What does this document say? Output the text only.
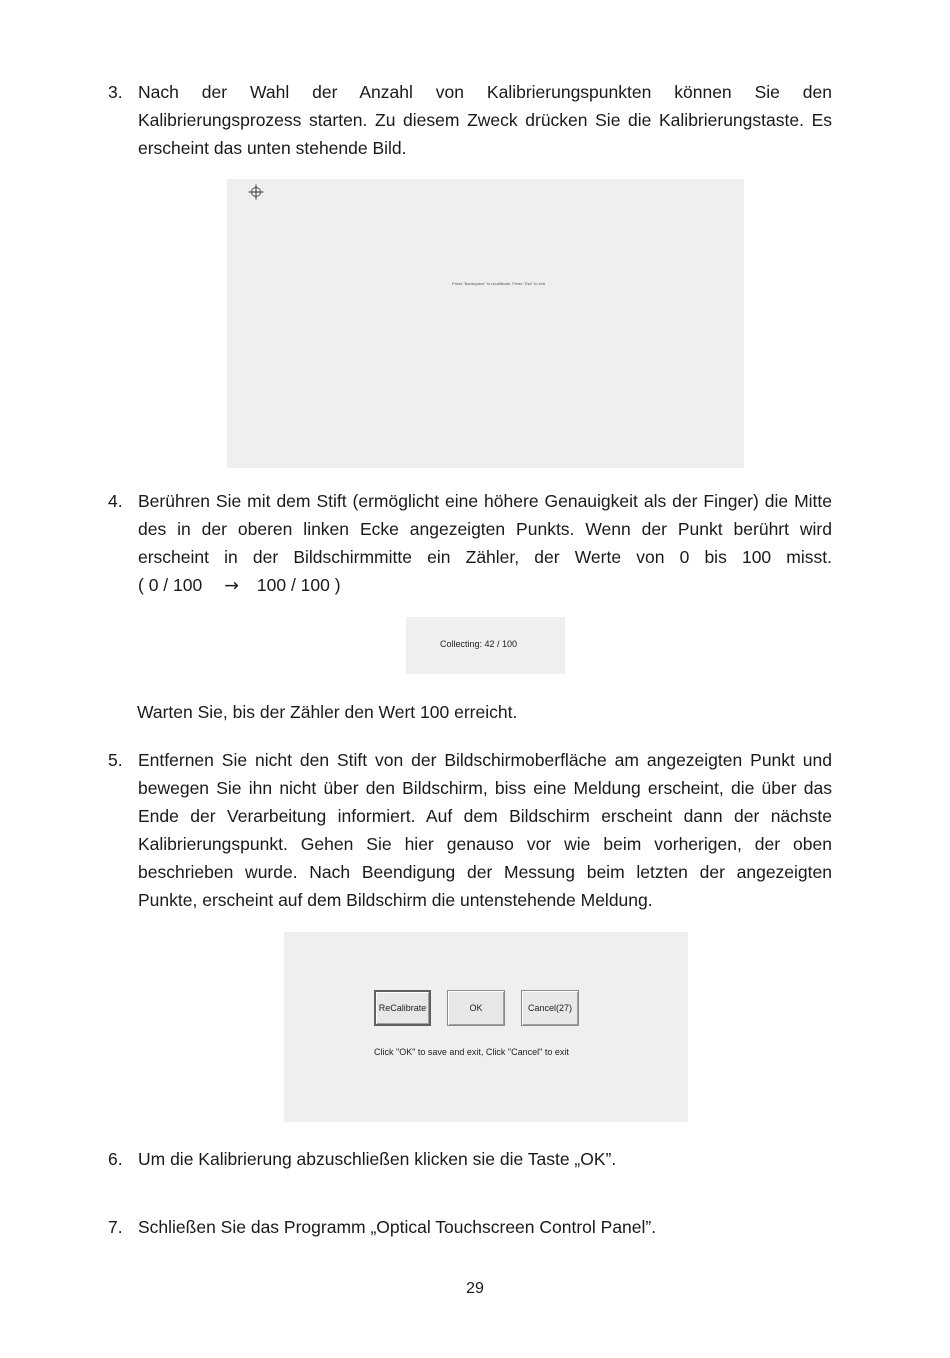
3. Nach der Wahl der Anzahl von Kalibrierungspunkten können Sie den Kalibrierungsprozess starten. Zu diesem Zweck drücken Sie die Kalibrierungstaste. Es erscheint das unten stehende Bild.
Press "Backspace" to recalibrate, Press "Esc" to exit
4. Berühren Sie mit dem Stift (ermöglicht eine höhere Genauigkeit als der Finger) die Mitte des in der oberen linken Ecke angezeigten Punkts. Wenn der Punkt berührt wird erscheint in der Bildschirmmitte ein Zähler, der Werte von 0 bis 100 misst.
( 0 / 100 → 100 / 100 )
Collecting: 42 / 100
Warten Sie, bis der Zähler den Wert 100 erreicht.
5. Entfernen Sie nicht den Stift von der Bildschirmoberfläche am angezeigten Punkt und bewegen Sie ihn nicht über den Bildschirm, biss eine Meldung erscheint, die über das Ende der Verarbeitung informiert. Auf dem Bildschirm erscheint dann der nächste Kalibrierungspunkt. Gehen Sie hier genauso vor wie beim vorherigen, der oben beschrieben wurde. Nach Beendigung der Messung beim letzten der angezeigten Punkte, erscheint auf dem Bildschirm die untenstehende Meldung.
ReCalibrate	OK	Cancel(27)
Click "OK" to save and exit, Click "Cancel" to exit
6. Um die Kalibrierung abzuschließen klicken sie die Taste „OK”.
7. Schließen Sie das Programm „Optical Touchscreen Control Panel”.
29
